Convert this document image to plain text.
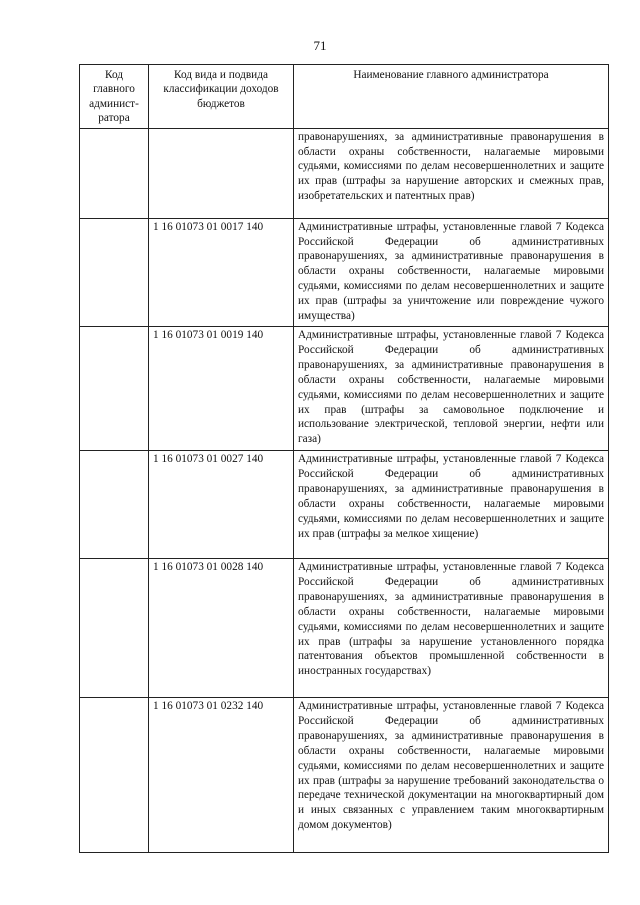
71
Код главного админист-ратора	Код вида и подвида классификации доходов бюджетов	Наименование главного администратора
		правонарушениях, за административные правонарушения в области охраны собственности, налагаемые мировыми судьями, комиссиями по делам несовершеннолетних и защите их прав (штрафы за нарушение авторских и смежных прав, изобретательских и патентных прав)
	1 16 01073 01 0017 140	Административные штрафы, установленные главой 7 Кодекса Российской Федерации об административных правонарушениях, за административные правонарушения в области охраны собственности, налагаемые мировыми судьями, комиссиями по делам несовершеннолетних и защите их прав (штрафы за уничтожение или повреждение чужого имущества)
	1 16 01073 01 0019 140	Административные штрафы, установленные главой 7 Кодекса Российской Федерации об административных правонарушениях, за административные правонарушения в области охраны собственности, налагаемые мировыми судьями, комиссиями по делам несовершеннолетних и защите их прав (штрафы за самовольное подключение и использование электрической, тепловой энергии, нефти или газа)
	1 16 01073 01 0027 140	Административные штрафы, установленные главой 7 Кодекса Российской Федерации об административных правонарушениях, за административные правонарушения в области охраны собственности, налагаемые мировыми судьями, комиссиями по делам несовершеннолетних и защите их прав (штрафы за мелкое хищение)
	1 16 01073 01 0028 140	Административные штрафы, установленные главой 7 Кодекса Российской Федерации об административных правонарушениях, за административные правонарушения в области охраны собственности, налагаемые мировыми судьями, комиссиями по делам несовершеннолетних и защите их прав (штрафы за нарушение установленного порядка патентования объектов промышленной собственности в иностранных государствах)
	1 16 01073 01 0232 140	Административные штрафы, установленные главой 7 Кодекса Российской Федерации об административных правонарушениях, за административные правонарушения в области охраны собственности, налагаемые мировыми судьями, комиссиями по делам несовершеннолетних и защите их прав (штрафы за нарушение требований законодательства о передаче технической документации на многоквартирный дом и иных связанных с управлением таким многоквартирным домом документов)
